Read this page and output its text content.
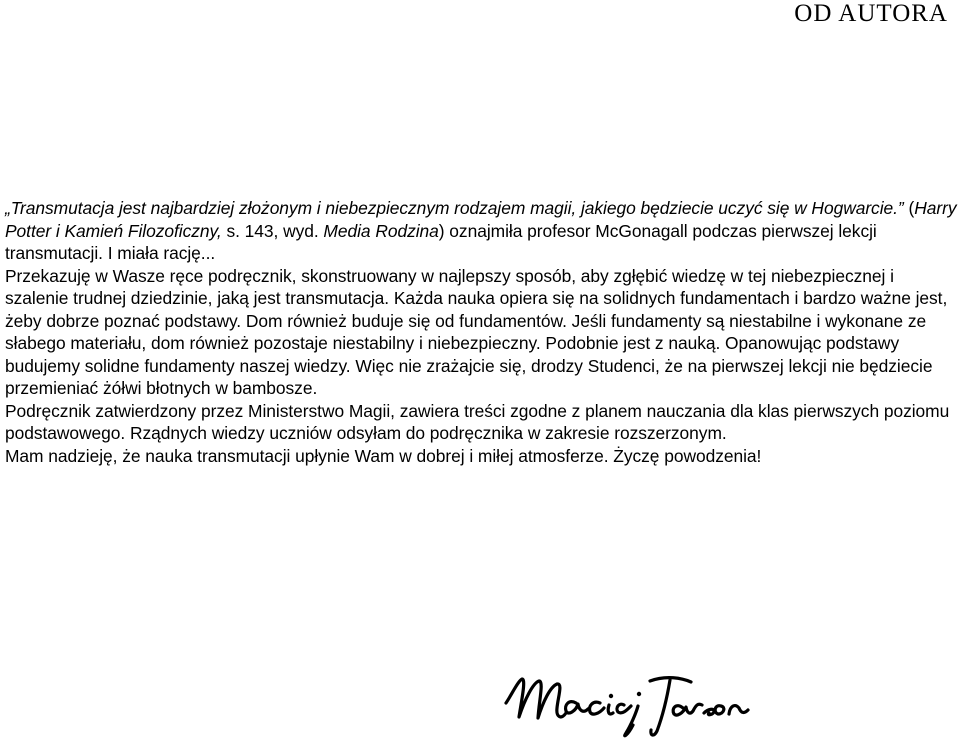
OD AUTORA

„Transmutacja jest najbardziej złożonym i niebezpiecznym rodzajem magii, jakiego będziecie uczyć się w Hogwarcie.” (Harry Potter i Kamień Filozoficzny, s. 143, wyd. Media Rodzina) oznajmiła profesor McGonagall podczas pierwszej lekcji transmutacji. I miała rację...

Przekazuję w Wasze ręce podręcznik, skonstruowany w najlepszy sposób, aby zgłębić wiedzę w tej niebezpiecznej i szalenie trudnej dziedzinie, jaką jest transmutacja. Każda nauka opiera się na solidnych fundamentach i bardzo ważne jest, żeby dobrze poznać podstawy. Dom również buduje się od fundamentów. Jeśli fundamenty są niestabilne i wykonane ze słabego materiału, dom również pozostaje niestabilny i niebezpieczny. Podobnie jest z nauką. Opanowując podstawy budujemy solidne fundamenty naszej wiedzy. Więc nie zrażajcie się, drodzy Studenci, że na pierwszej lekcji nie będziecie przemieniać żółwi błotnych w bambosze.

Podręcznik zatwierdzony przez Ministerstwo Magii, zawiera treści zgodne z planem nauczania dla klas pierwszych poziomu podstawowego. Rządnych wiedzy uczniów odsyłam do podręcznika w zakresie rozszerzonym.

Mam nadzieję, że nauka transmutacji upłynie Wam w dobrej i miłej atmosferze. Życzę powodzenia!
